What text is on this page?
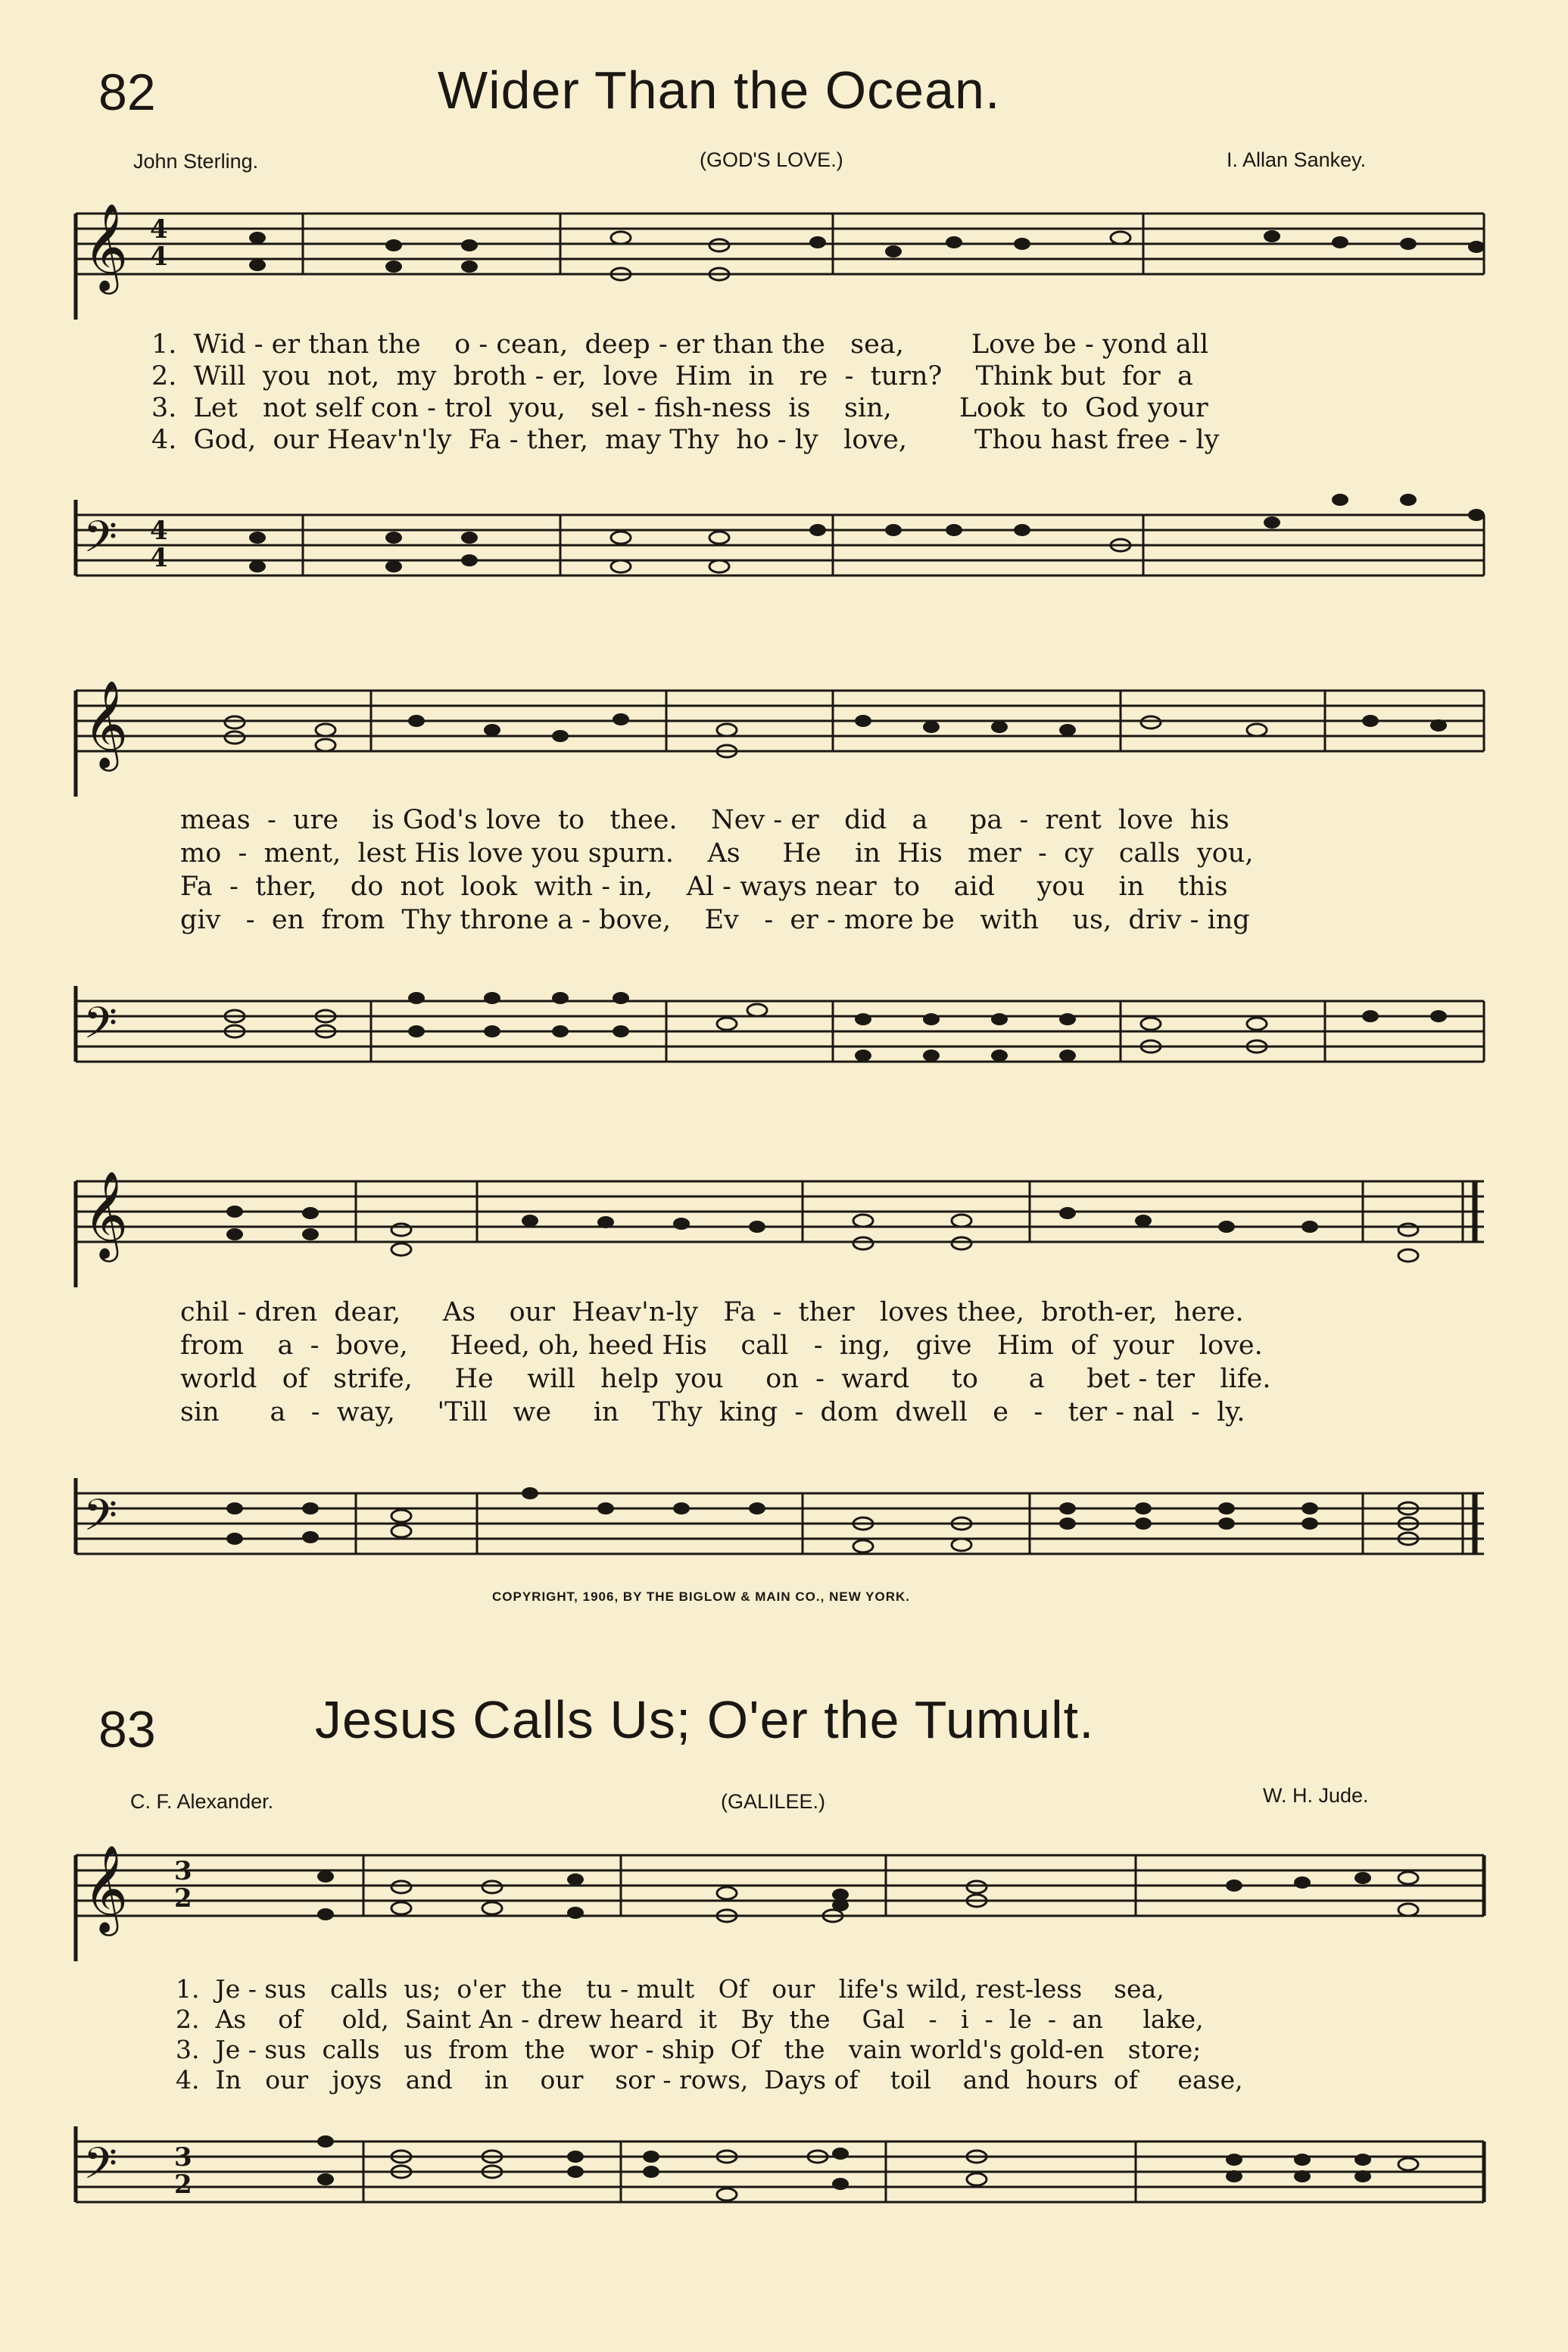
82	Wider Than the Ocean.
John Sterling.	(GOD'S LOVE.)	I. Allan Sankey.
𝄞 4
4
1.  Wid - er than the    o - cean,  deep - er than the   sea,        Love be - yond all
2.  Will  you  not,  my  broth - er,  love  Him  in   re  -  turn?    Think but  for  a
3.  Let   not self con - trol  you,   sel - fish-ness  is    sin,        Look  to  God your
4.  God,  our Heav'n'ly  Fa - ther,  may Thy  ho - ly   love,        Thou hast free - ly
𝄢 4
4
𝄞
meas  -  ure    is God's love  to   thee.    Nev - er   did   a     pa  -  rent  love  his
mo  -  ment,  lest His love you spurn.    As     He    in  His   mer  -  cy   calls  you,
Fa  -  ther,    do  not  look  with - in,    Al - ways near  to    aid     you    in    this
giv   -  en  from  Thy throne a - bove,    Ev   -  er - more be   with    us,  driv - ing
𝄢
𝄞
chil - dren  dear,     As    our  Heav'n-ly   Fa  -  ther   loves thee,  broth-er,  here.
from    a  -  bove,     Heed, oh, heed His    call   -  ing,   give   Him  of  your   love.
world   of   strife,     He    will   help  you     on  -  ward     to      a     bet - ter   life.
sin      a   -  way,     'Till   we     in    Thy  king  -  dom  dwell   e   -   ter - nal  -  ly.
𝄢
COPYRIGHT, 1906, BY THE BIGLOW & MAIN CO., NEW YORK.
83	Jesus Calls Us; O'er the Tumult.
C. F. Alexander.	(GALILEE.)	W. H. Jude.
𝄞 3
2
1.  Je - sus   calls  us;  o'er  the   tu - mult   Of   our   life's wild, rest-less    sea,
2.  As    of     old,  Saint An - drew heard  it   By  the    Gal   -   i  -  le  -  an     lake,
3.  Je - sus  calls   us  from  the   wor - ship  Of   the   vain world's gold-en   store;
4.  In   our   joys   and    in    our    sor - rows,  Days of    toil    and  hours  of     ease,
𝄢 3
2
